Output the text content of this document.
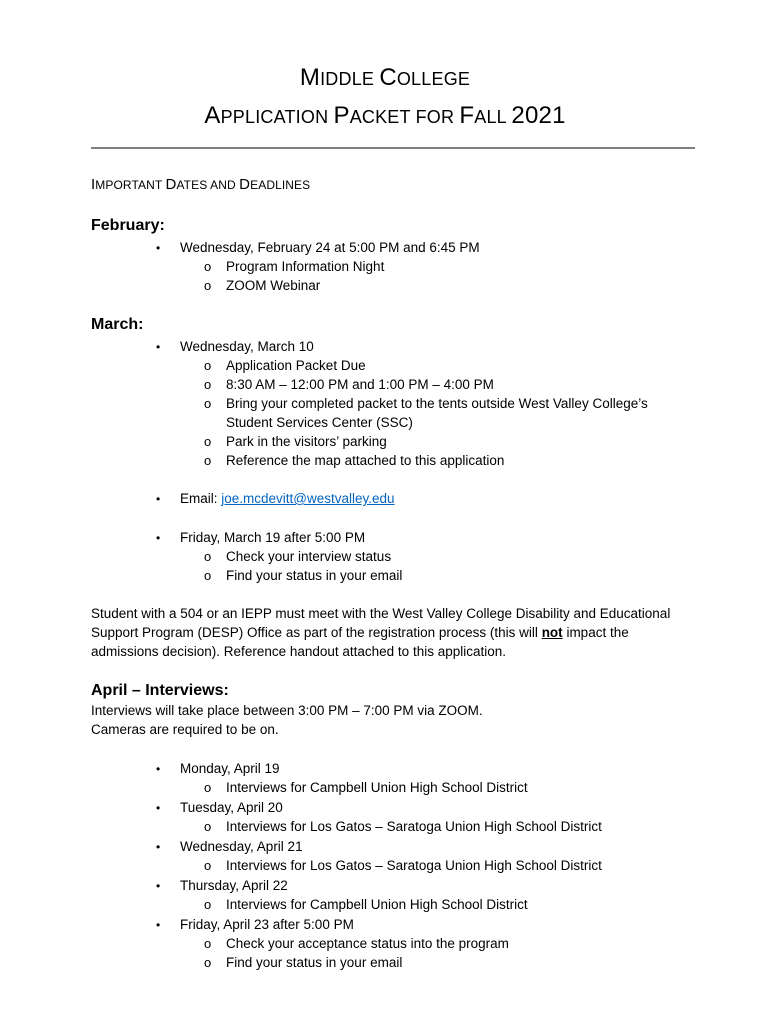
MIDDLE COLLEGE
APPLICATION PACKET FOR FALL 2021
IMPORTANT DATES AND DEADLINES
February:
• Wednesday, February 24 at 5:00 PM and 6:45 PM
o Program Information Night
o ZOOM Webinar
March:
• Wednesday, March 10
o Application Packet Due
o 8:30 AM – 12:00 PM and 1:00 PM – 4:00 PM
o Bring your completed packet to the tents outside West Valley College’s
Student Services Center (SSC)
o Park in the visitors’ parking
o Reference the map attached to this application
• Email: joe.mcdevitt@westvalley.edu
• Friday, March 19 after 5:00 PM
o Check your interview status
o Find your status in your email
Student with a 504 or an IEPP must meet with the West Valley College Disability and Educational
Support Program (DESP) Office as part of the registration process (this will not impact the
admissions decision). Reference handout attached to this application.
April – Interviews:
Interviews will take place between 3:00 PM – 7:00 PM via ZOOM.
Cameras are required to be on.
• Monday, April 19
o Interviews for Campbell Union High School District
• Tuesday, April 20
o Interviews for Los Gatos – Saratoga Union High School District
• Wednesday, April 21
o Interviews for Los Gatos – Saratoga Union High School District
• Thursday, April 22
o Interviews for Campbell Union High School District
• Friday, April 23 after 5:00 PM
o Check your acceptance status into the program
o Find your status in your email
